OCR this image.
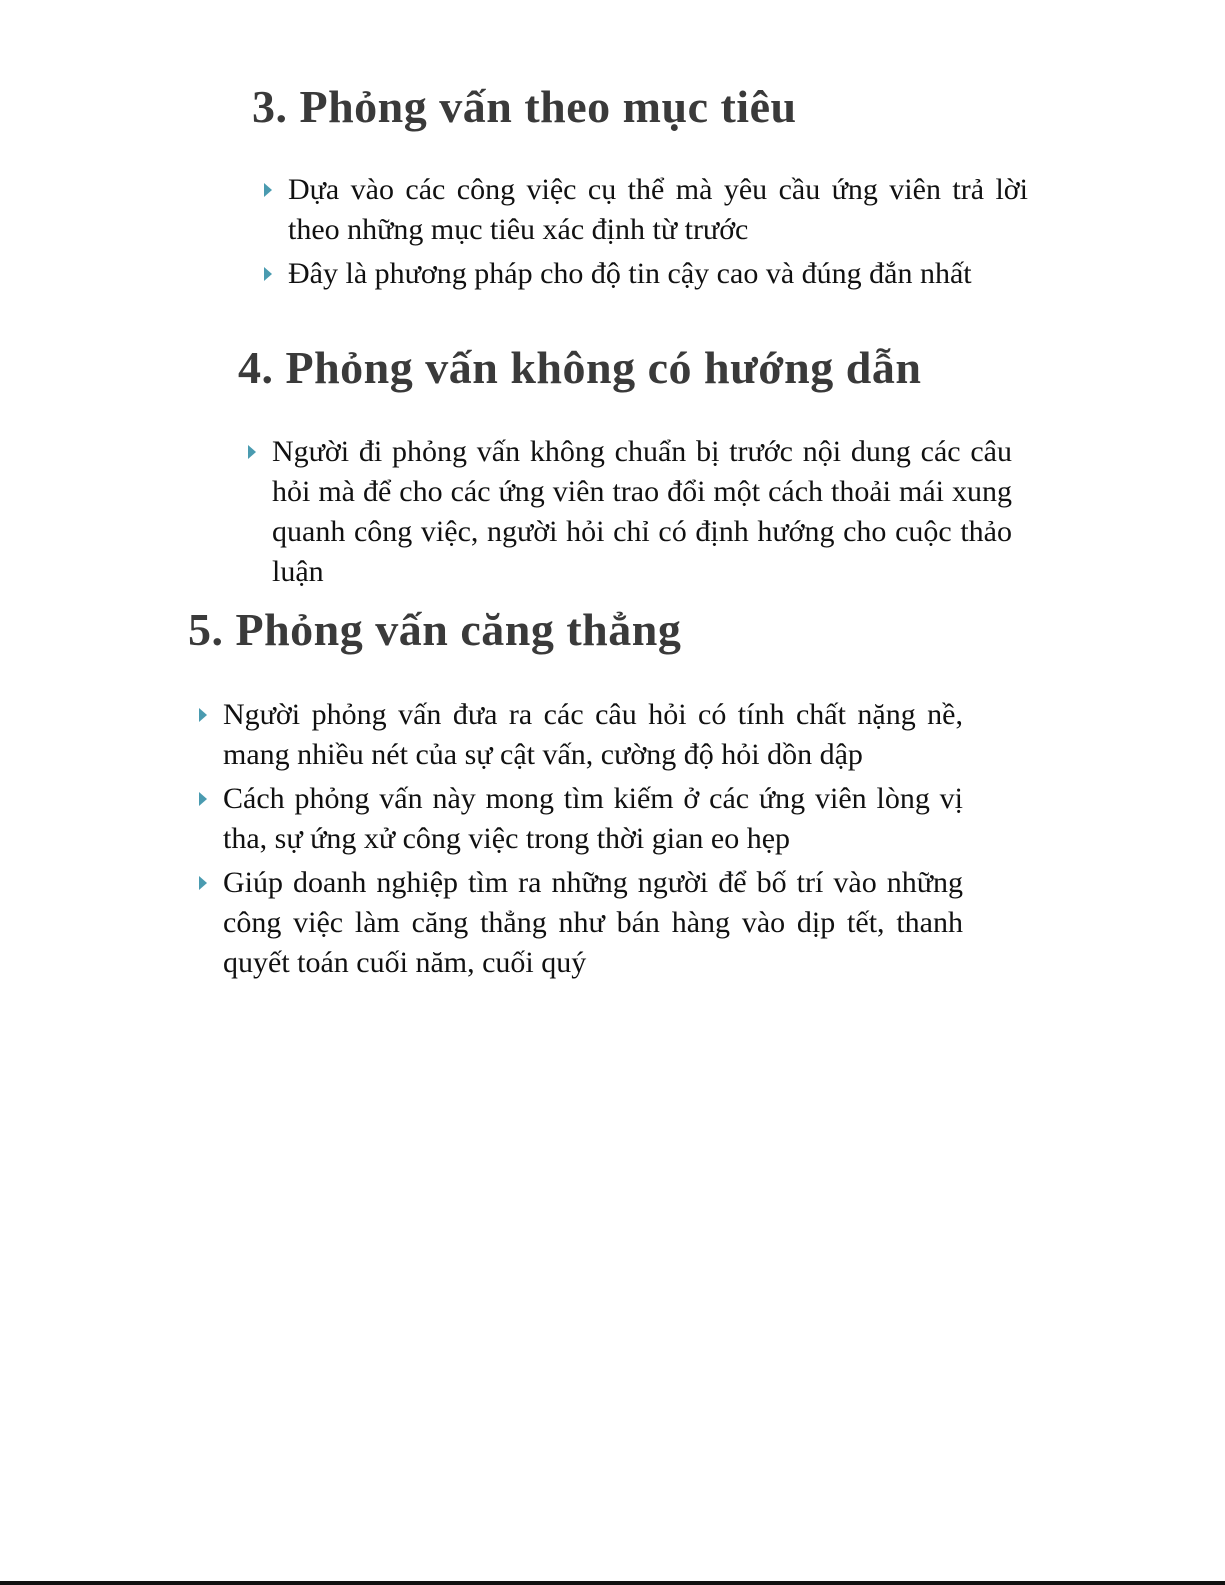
3. Phỏng vấn theo mục tiêu
Dựa vào các công việc cụ thể mà yêu cầu ứng viên trả lời theo những mục tiêu xác định từ trước
Đây là phương pháp cho độ tin cậy cao và đúng đắn nhất
4. Phỏng vấn không có hướng dẫn
Người đi phỏng vấn không chuẩn bị trước nội dung các câu hỏi mà để cho các ứng viên trao đổi một cách thoải mái xung quanh công việc, người hỏi chỉ có định hướng cho cuộc thảo luận
5. Phỏng vấn căng thẳng
Người phỏng vấn đưa ra các câu hỏi có tính chất nặng nề, mang nhiều nét của sự cật vấn, cường độ hỏi dồn dập
Cách phỏng vấn này mong tìm kiếm ở các ứng viên lòng vị tha, sự ứng xử công việc trong thời gian eo hẹp
Giúp doanh nghiệp tìm ra những người để bố trí vào những công việc làm căng thẳng như bán hàng vào dịp tết, thanh quyết toán cuối năm, cuối quý
